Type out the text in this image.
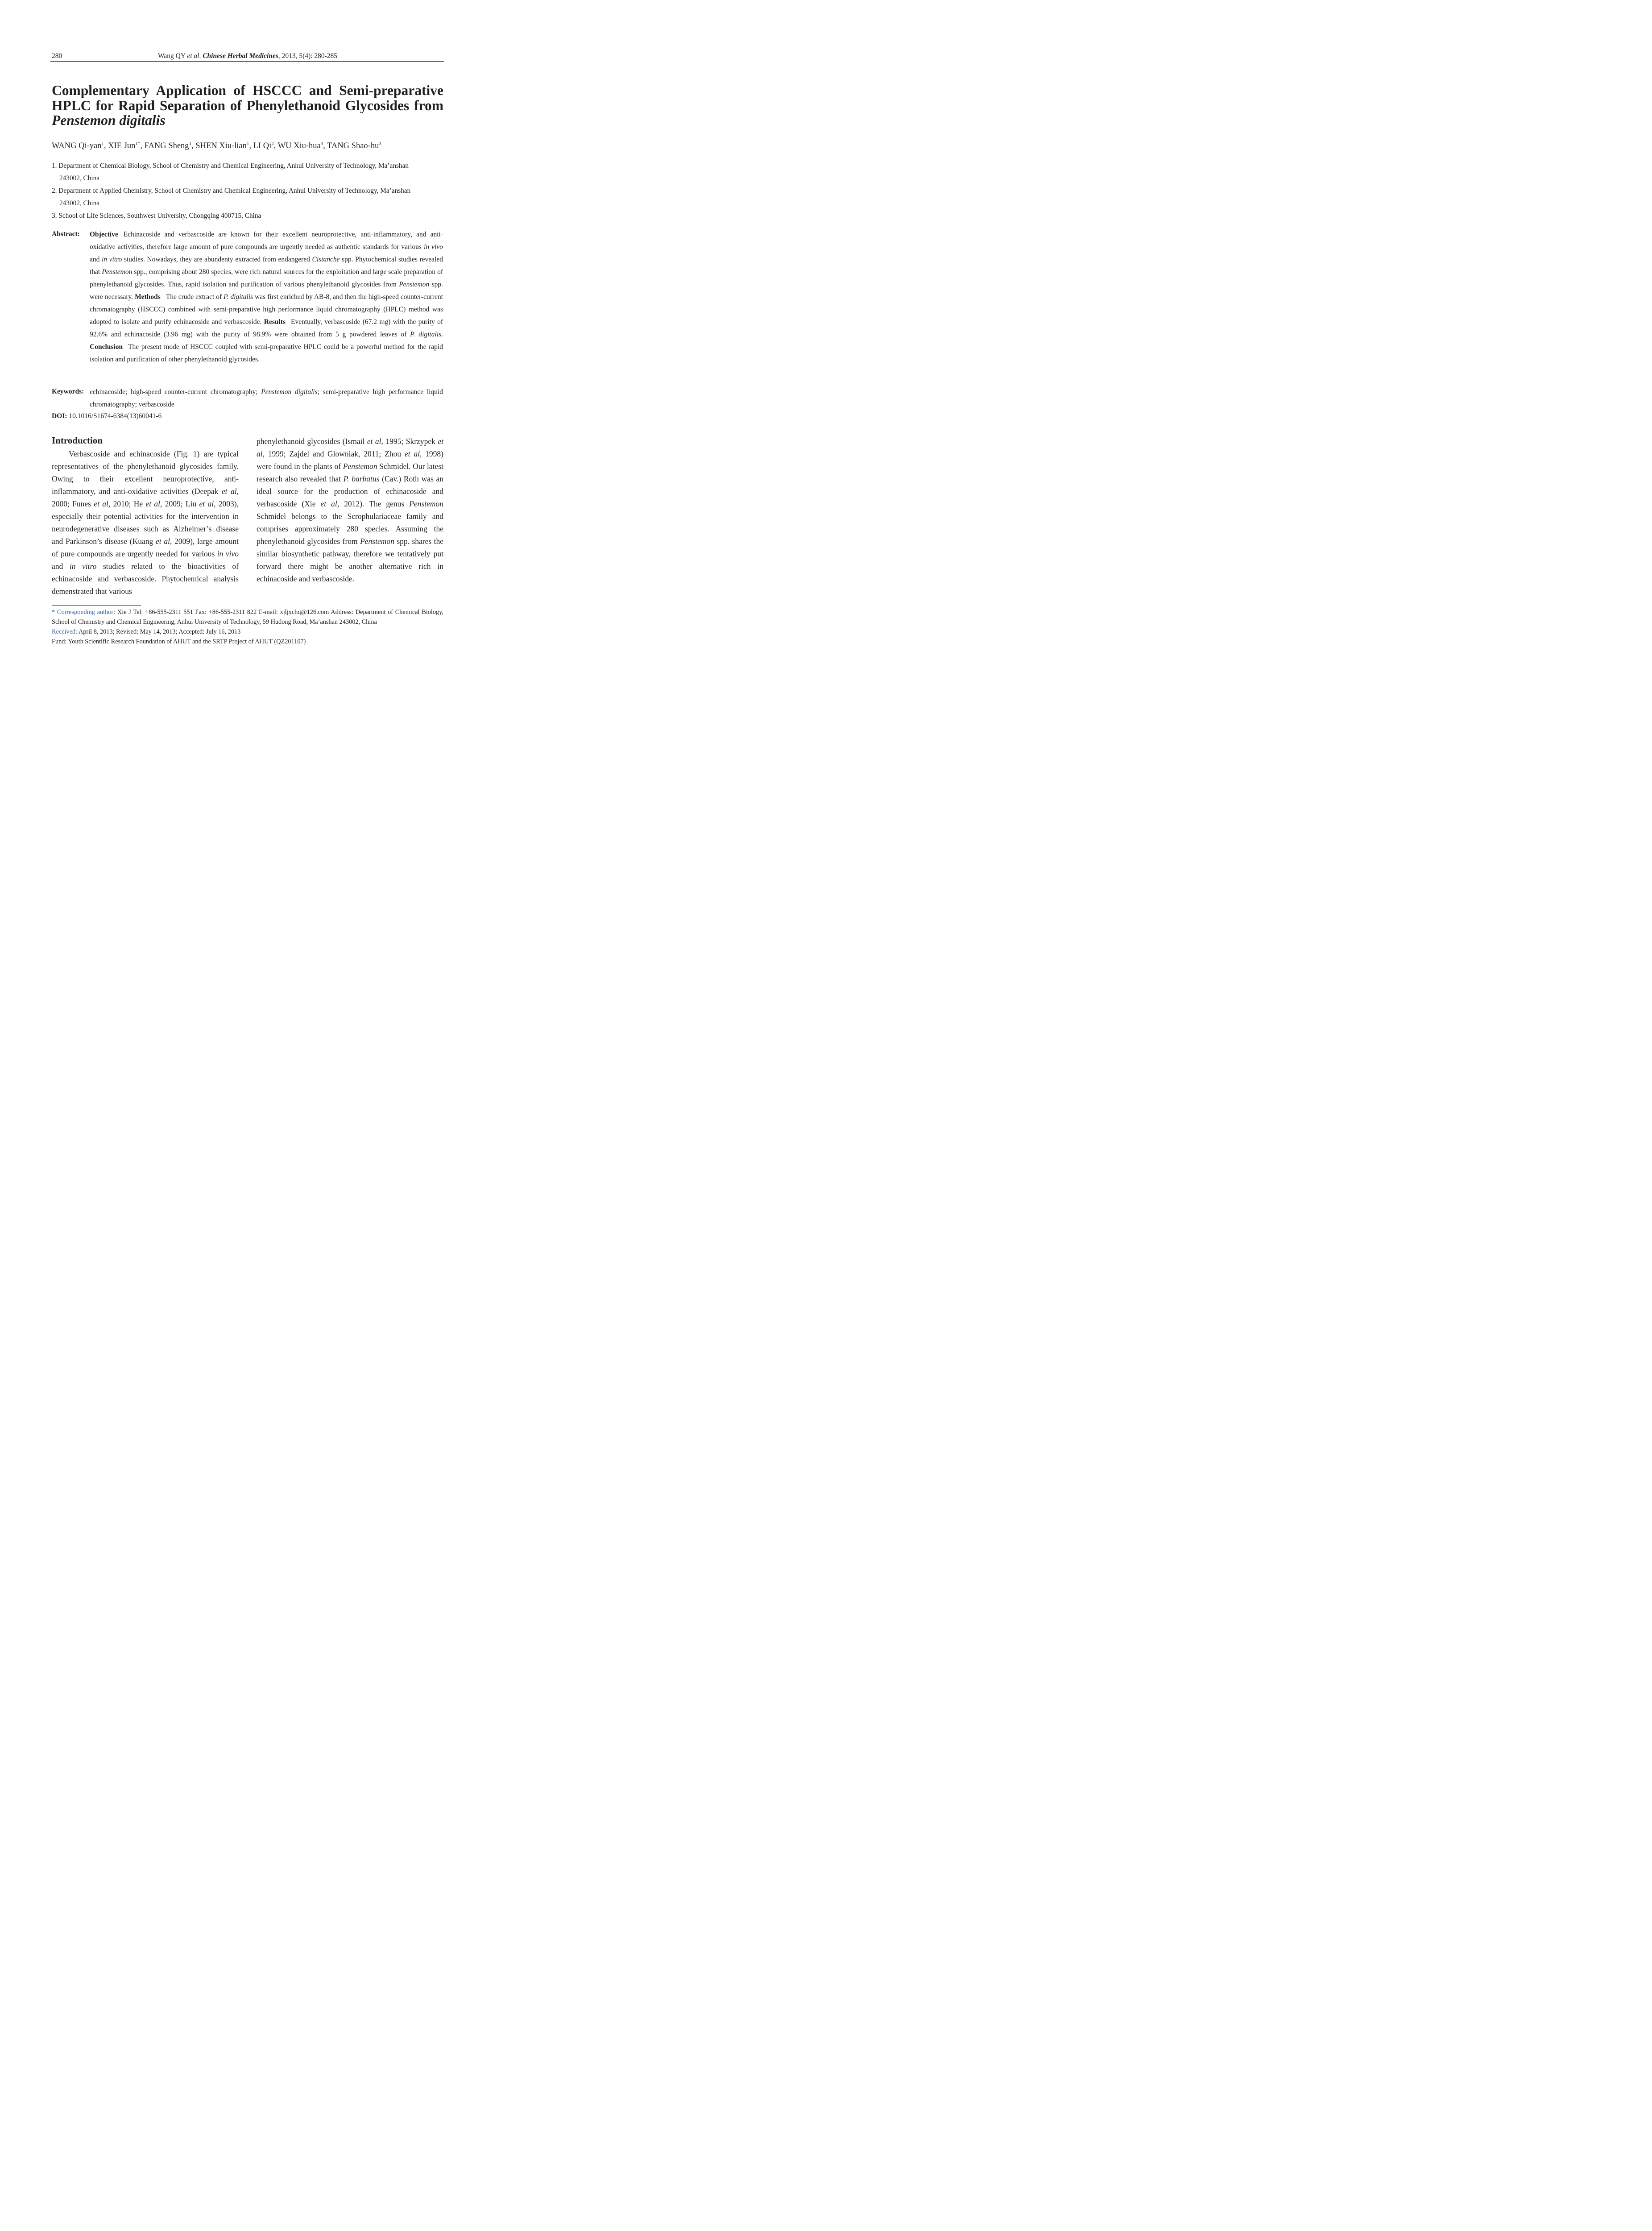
280	Wang QY et al. Chinese Herbal Medicines, 2013, 5(4): 280-285
Complementary Application of HSCCC and Semi-preparative HPLC for Rapid Separation of Phenylethanoid Glycosides from Penstemon digitalis
WANG Qi-yan$^1$, XIE Jun$^{1*}$, FANG Sheng$^1$, SHEN Xiu-lian$^1$, LI Qi$^2$, WU Xiu-hua$^3$, TANG Shao-$hu^3$
1. Department of Chemical Biology, School of Chemistry and Chemical Engineering, Anhui University of Technology, Ma’anshan
243002, China
2. Department of Applied Chemistry, School of Chemistry and Chemical Engineering, Anhui University of Technology, Ma’anshan
243002, China
3. School of Life Sciences, Southwest University, Chongqing 400715, China
Abstract: Objective Echinacoside and verbascoside are known for their excellent neuroprotective, anti-inflammatory, and anti-oxidative activities, therefore large amount of pure compounds are urgently needed as authentic standards for various in vivo and in vitro studies. Nowadays, they are abundenty extracted from endangered Cistanche spp. Phytochemical studies revealed that Penstemon spp., comprising about 280 species, were rich natural sources for the exploitation and large scale preparation of phenylethanoid glycosides. Thus, rapid isolation and purification of various phenylethanoid glycosides from Penstemon spp. were necessary. Methods The crude extract of P. digitalis was first enriched by AB-8, and then the high-speed counter-current chromatography (HSCCC) combined with semi-preparative high performance liquid chromatography (HPLC) method was adopted to isolate and purify echinacoside and verbascoside. Results Eventually, verbascoside (67.2 mg) with the purity of 92.6% and echinacoside (3.96 mg) with the purity of 98.9% were obtained from 5 g powdered leaves of P. digitalis. Conclusion The present mode of HSCCC coupled with semi-preparative HPLC could be a powerful method for the rapid isolation and purification of other phenylethanoid glycosides.
Keywords: echinacoside; high-speed counter-current chromatography; Penstemon digitalis; semi-preparative high performance liquid chromatography; verbascoside
DOI: 10.1016/S1674-6384(13)60041-6
Introduction
Verbascoside and echinacoside (Fig. 1) are typical representatives of the phenylethanoid glycosides family. Owing to their excellent neuroprotective, anti-inflammatory, and anti-oxidative activities (Deepak et al, 2000; Funes et al, 2010; He et al, 2009; Liu et al, 2003), especially their potential activities for the intervention in neurodegenerative diseases such as Alzheimer’s disease and Parkinson’s disease (Kuang et al, 2009), large amount of pure compounds are urgently needed for various in vivo and in vitro studies related to the bioactivities of echinacoside and verbascoside. Phytochemical analysis demenstrated that various
phenylethanoid glycosides (Ismail et al, 1995; Skrzypek et al, 1999; Zajdel and Glowniak, 2011; Zhou et al, 1998) were found in the plants of Penstemon Schmidel. Our latest research also revealed that P. barbatus (Cav.) Roth was an ideal source for the production of echinacoside and verbascoside (Xie et al, 2012). The genus Penstemon Schmidel belongs to the Scrophulariaceae family and comprises approximately 280 species. Assuming the phenylethanoid glycosides from Penstemon spp. shares the similar biosynthetic pathway, therefore we tentatively put forward there might be another alternative rich in echinacoside and verbascoside.
* Corresponding author: Xie J Tel: +86-555-2311 551 Fax: +86-555-2311 822 E-mail: xjljxchq@126.com Address: Department of Chemical Biology, School of Chemistry and Chemical Engineering, Anhui University of Technology, 59 Hudong Road, Ma’anshan 243002, China
Received: April 8, 2013; Revised: May 14, 2013; Accepted: July 16, 2013
Fund: Youth Scientific Research Foundation of AHUT and the SRTP Project of AHUT (QZ201107)
